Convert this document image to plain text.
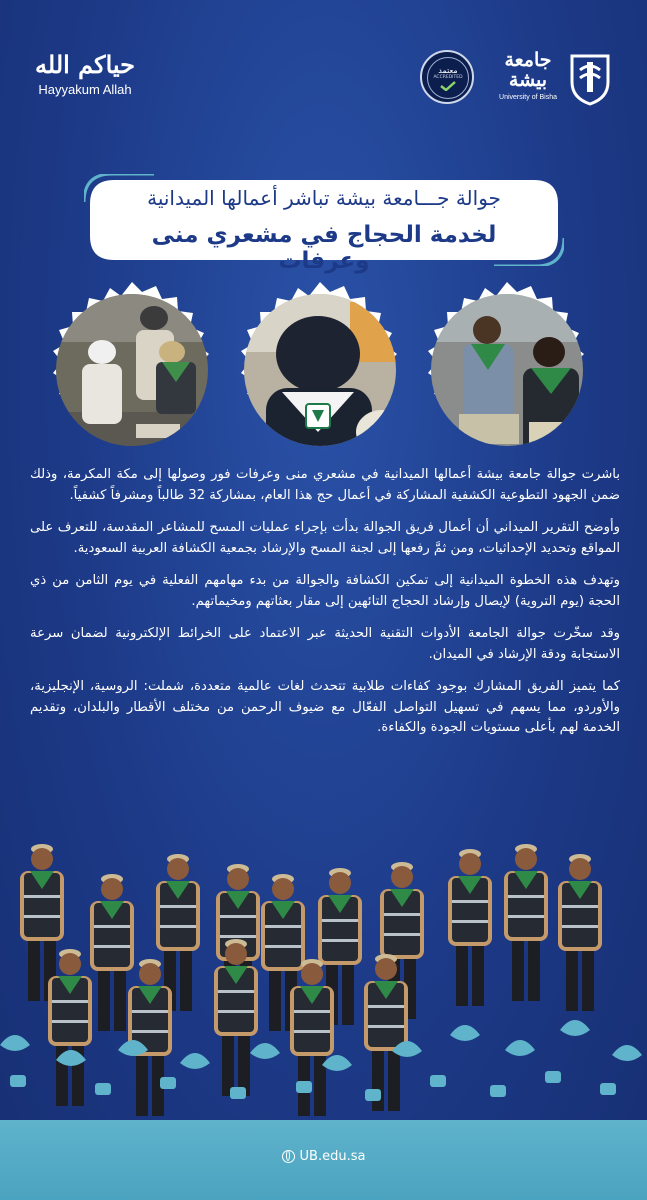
حياكم الله
Hayyakum Allah
معتمد
ACCREDITED
جامعة بيشة
University of Bisha
جوالة جـــامعة بيشة تباشر أعمالها الميدانية
لخدمة الحجاج في مشعري منى وعرفات

باشرت جوالة جامعة بيشة أعمالها الميدانية في مشعري منى وعرفات فور وصولها إلى مكة المكرمة، وذلك ضمن الجهود التطوعية الكشفية المشاركة في أعمال حج هذا العام، بمشاركة 32 طالباً ومشرفاً كشفياً.

وأوضح التقرير الميداني أن أعمال فريق الجوالة بدأت بإجراء عمليات المسح للمشاعر المقدسة، للتعرف على المواقع وتحديد الإحداثيات، ومن ثمَّ رفعها إلى لجنة المسح والإرشاد بجمعية الكشافة العربية السعودية.

وتهدف هذه الخطوة الميدانية إلى تمكين الكشافة والجوالة من بدء مهامهم الفعلية في يوم الثامن من ذي الحجة (يوم التروية) لإيصال وإرشاد الحجاج التائهين إلى مقار بعثاتهم ومخيماتهم.

وقد سخّرت جوالة الجامعة الأدوات التقنية الحديثة عبر الاعتماد على الخرائط الإلكترونية لضمان سرعة الاستجابة ودقة الإرشاد في الميدان.

كما يتميز الفريق المشارك بوجود كفاءات طلابية تتحدث لغات عالمية متعددة، شملت: الروسية، الإنجليزية، والأوردو، مما يسهم في تسهيل التواصل الفعّال مع ضيوف الرحمن من مختلف الأقطار والبلدان، وتقديم الخدمة لهم بأعلى مستويات الجودة والكفاءة.

UB.edu.sa
